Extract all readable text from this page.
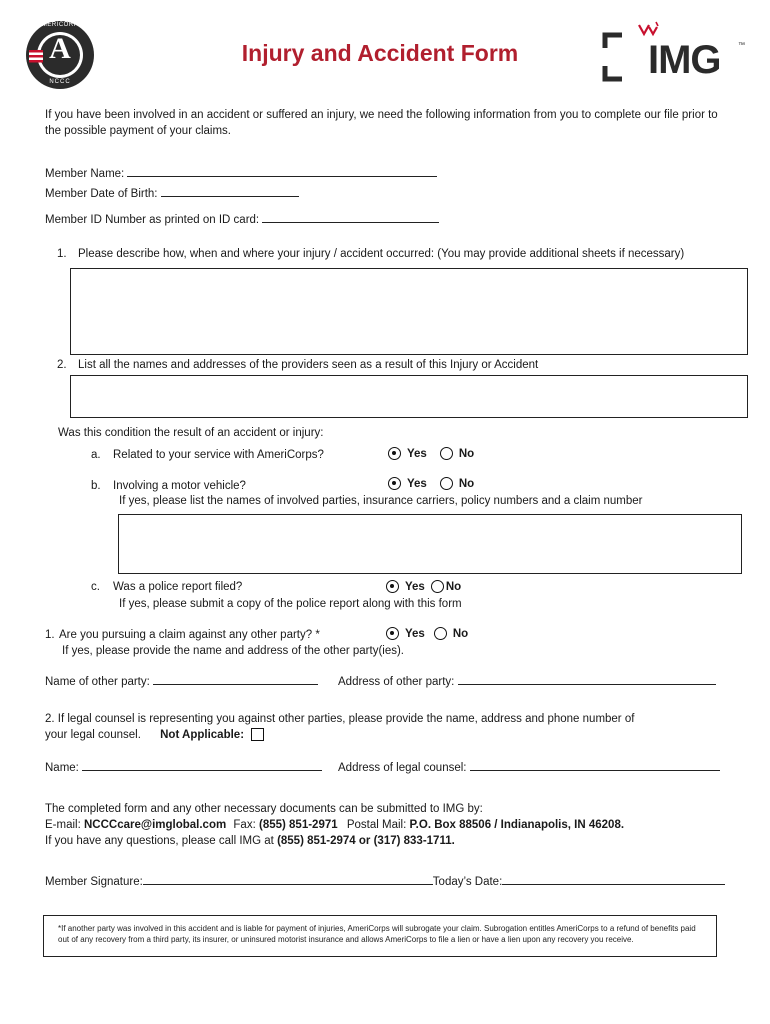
A
AMERICORPS
NCCC
Injury and Accident Form	IMG ™
If you have been involved in an accident or suffered an injury, we need the following information from you to complete our file prior to
the possible payment of your claims.
Member Name:
Member Date of Birth:
Member ID Number as printed on ID card:
1. Please describe how, when and where your injury / accident occurred: (You may provide additional sheets if necessary)
2. List all the names and addresses of the providers seen as a result of this Injury or Accident
Was this condition the result of an accident or injury:
a. Related to your service with AmeriCorps?	Yes	No
b. Involving a motor vehicle?	Yes	No
If yes, please list the names of involved parties, insurance carriers, policy numbers and a claim number
c. Was a police report filed?	Yes No
If yes, please submit a copy of the police report along with this form
1. Are you pursuing a claim against any other party? *	Yes No
If yes, please provide the name and address of the other party(ies).
Name of other party:	Address of other party:
2. If legal counsel is representing you against other parties, please provide the name, address and phone number of
your legal counsel. Not Applicable:
Name:	Address of legal counsel:
The completed form and any other necessary documents can be submitted to IMG by:
E-mail: NCCCcare@imglobal.com Fax: (855) 851-2971 Postal Mail: P.O. Box 88506 / Indianapolis, IN 46208.
If you have any questions, please call IMG at (855) 851-2974 or (317) 833-1711.
Member Signature:	Today’s Date:
*If another party was involved in this accident and is liable for payment of injuries, AmeriCorps will subrogate your claim. Subrogation entitles AmeriCorps to a refund of benefits paid out of any recovery from a third party, its insurer, or uninsured motorist insurance and allows AmeriCorps to file a lien or have a lien upon any recovery you receive.
